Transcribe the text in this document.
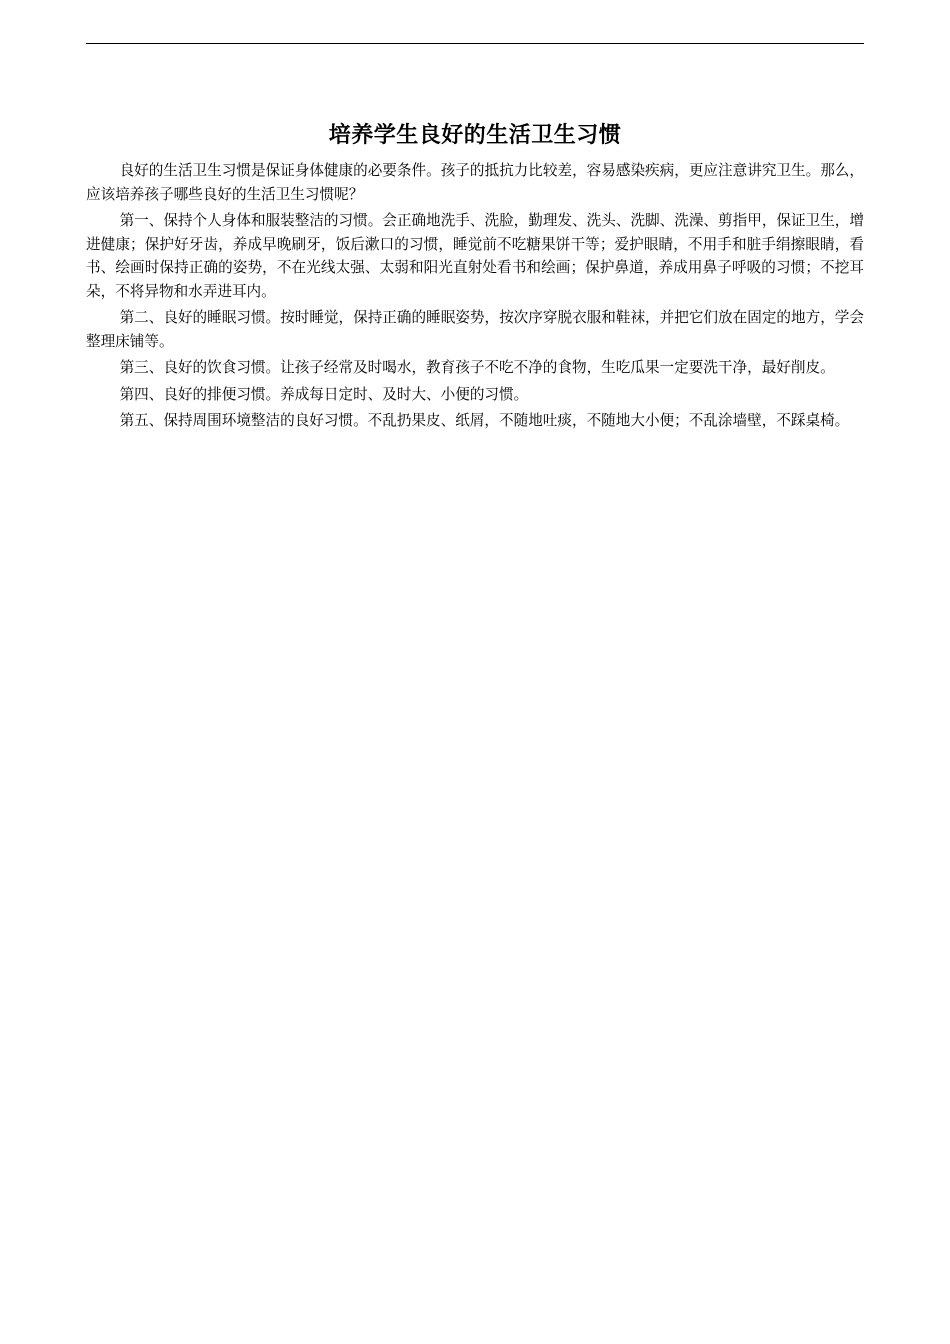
培养学生良好的生活卫生习惯

良好的生活卫生习惯是保证身体健康的必要条件。孩子的抵抗力比较差，容易感染疾病，更应注意讲究卫生。那么，应该培养孩子哪些良好的生活卫生习惯呢？

第一、保持个人身体和服装整洁的习惯。会正确地洗手、洗脸，勤理发、洗头、洗脚、洗澡、剪指甲，保证卫生，增进健康；保护好牙齿，养成早晚刷牙，饭后漱口的习惯，睡觉前不吃糖果饼干等；爱护眼睛，不用手和脏手绢擦眼睛，看书、绘画时保持正确的姿势，不在光线太强、太弱和阳光直射处看书和绘画；保护鼻道，养成用鼻子呼吸的习惯；不挖耳朵，不将异物和水弄进耳内。

第二、良好的睡眠习惯。按时睡觉，保持正确的睡眠姿势，按次序穿脱衣服和鞋袜，并把它们放在固定的地方，学会整理床铺等。

第三、良好的饮食习惯。让孩子经常及时喝水，教育孩子不吃不净的食物，生吃瓜果一定要洗干净，最好削皮。

第四、良好的排便习惯。养成每日定时、及时大、小便的习惯。

第五、保持周围环境整洁的良好习惯。不乱扔果皮、纸屑，不随地吐痰，不随地大小便；不乱涂墙壁，不踩桌椅。
